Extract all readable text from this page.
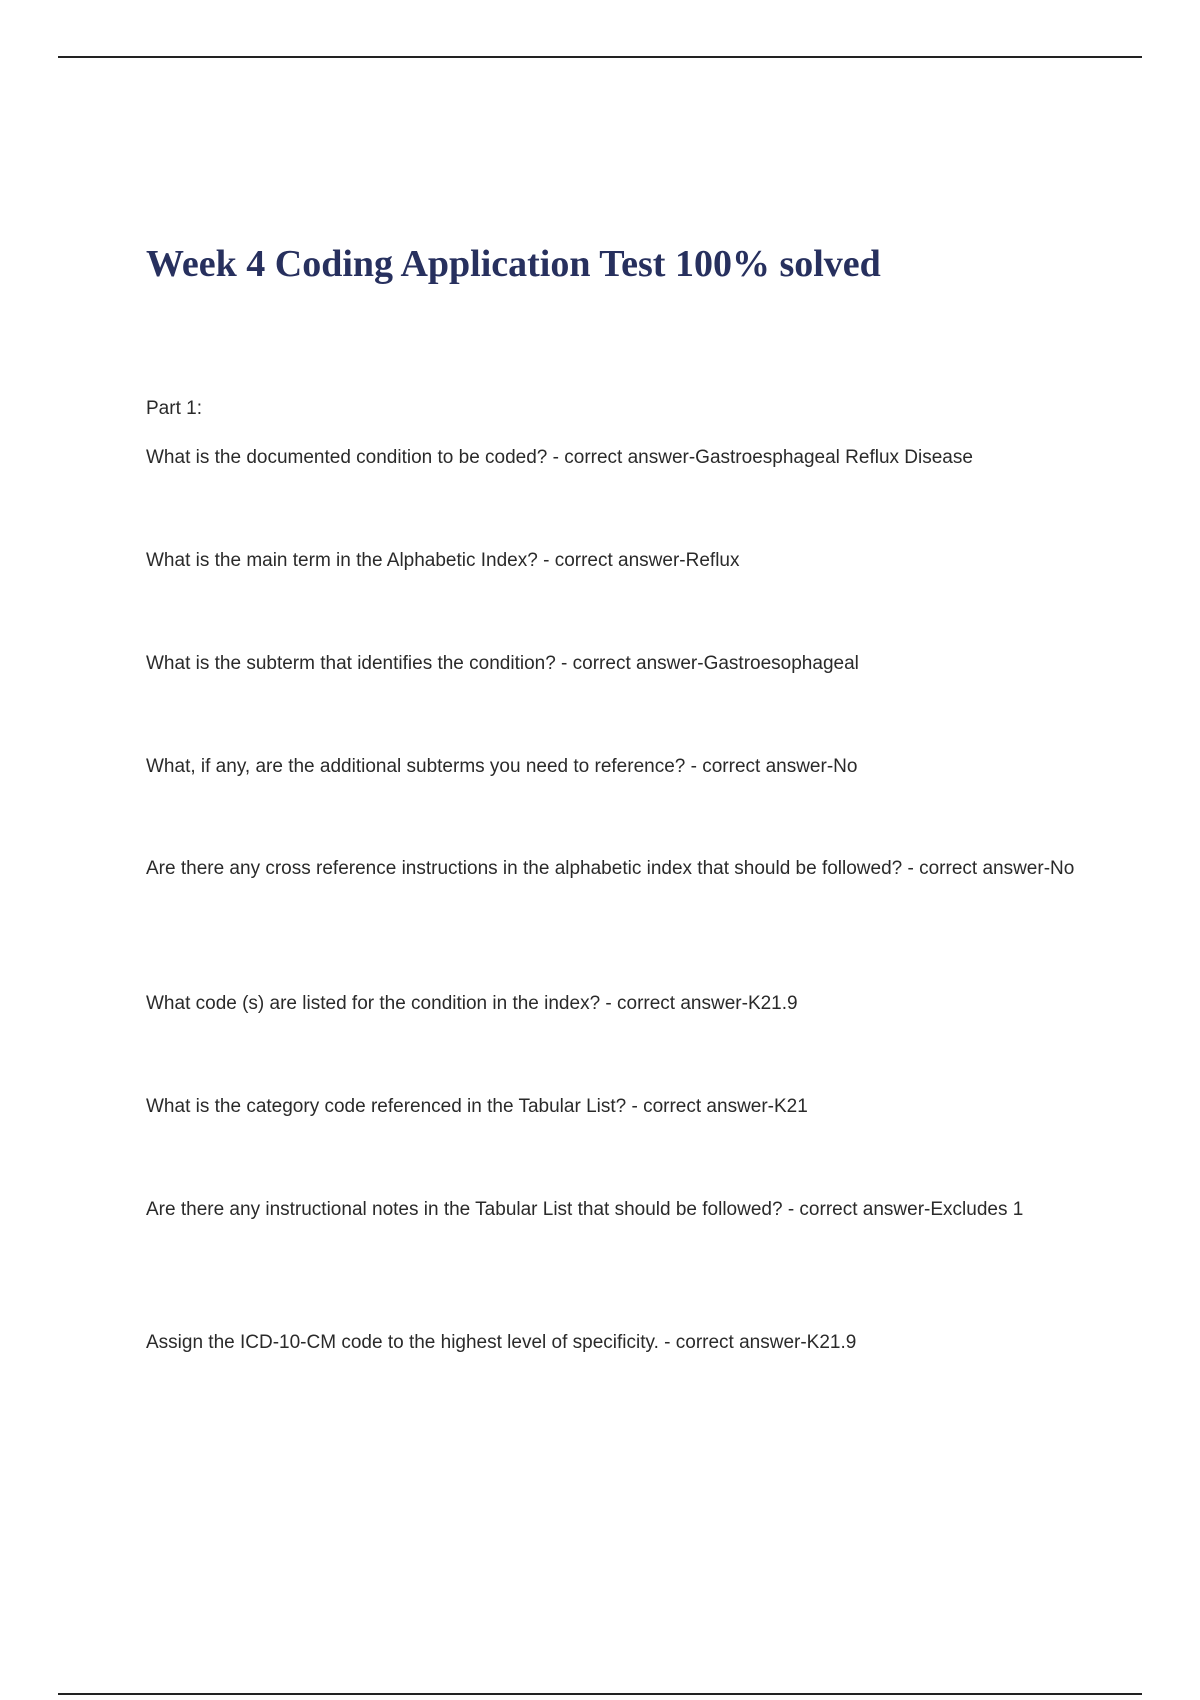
Week 4 Coding Application Test 100% solved
Part 1:

What is the documented condition to be coded? - correct answer-Gastroesphageal Reflux Disease

What is the main term in the Alphabetic Index? - correct answer-Reflux

What is the subterm that identifies the condition? - correct answer-Gastroesophageal

What, if any, are the additional subterms you need to reference? - correct answer-No

Are there any cross reference instructions in the alphabetic index that should be followed? - correct answer-No

What code (s) are listed for the condition in the index? - correct answer-K21.9

What is the category code referenced in the Tabular List? - correct answer-K21

Are there any instructional notes in the Tabular List that should be followed? - correct answer-Excludes 1

Assign the ICD-10-CM code to the highest level of specificity. - correct answer-K21.9
